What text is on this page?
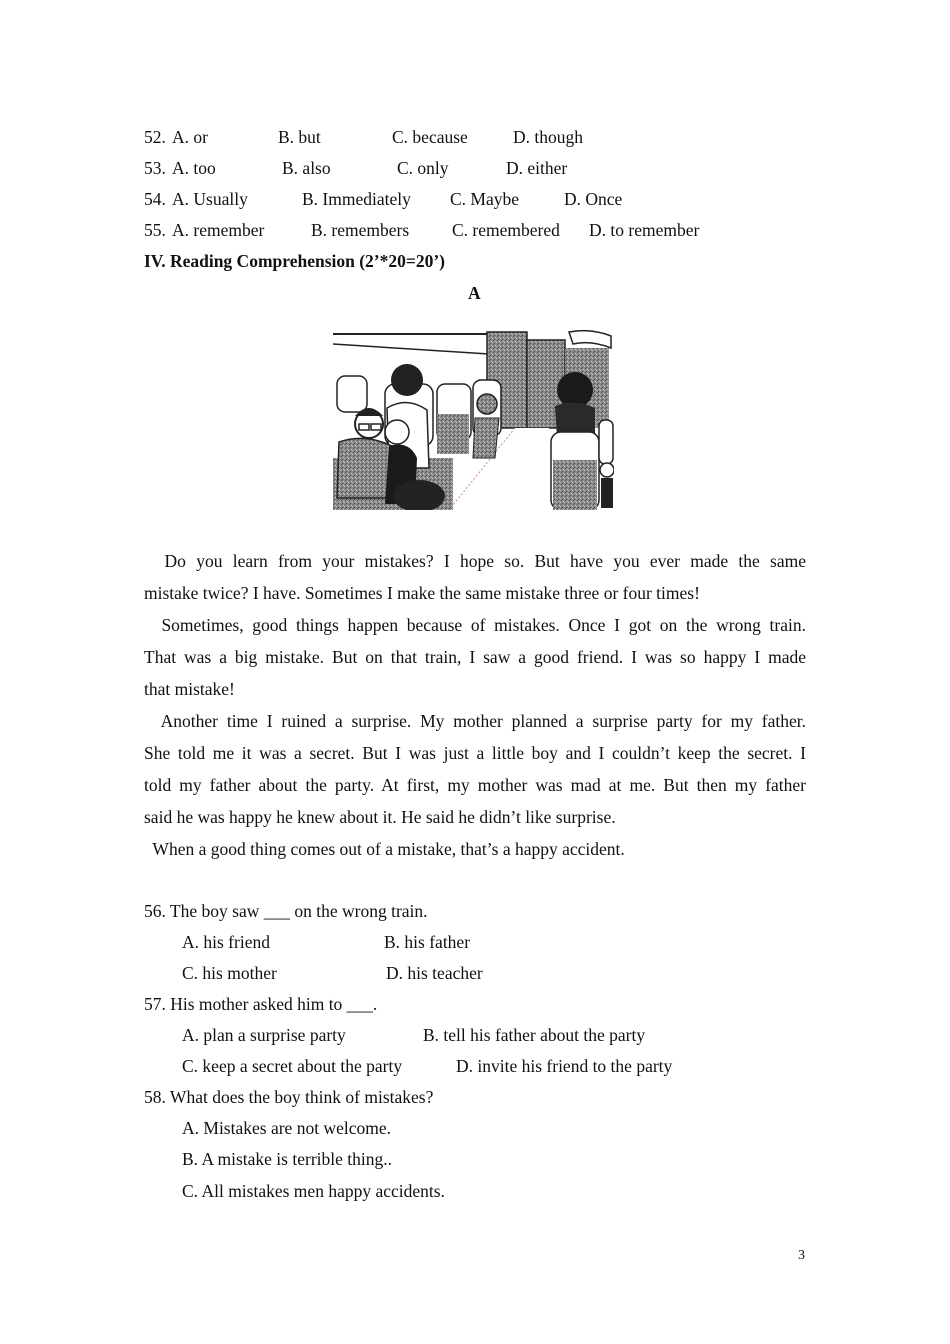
52. A. or	B. but	C. because	D. though
53. A. too	B. also	C. only	D. either
54. A. Usually	B. Immediately C. Maybe	D. Once
55. A. remember	B. remembers C. remembered D. to remember
IV. Reading Comprehension (2’*20=20’)
A
Do you learn from your mistakes? I hope so. But have you ever made the same
mistake twice? I have. Sometimes I make the same mistake three or four times!
Sometimes, good things happen because of mistakes. Once I got on the wrong train.
That was a big mistake. But on that train, I saw a good friend. I was so happy I made
that mistake!
Another time I ruined a surprise. My mother planned a surprise party for my father.
She told me it was a secret. But I was just a little boy and I couldn’t keep the secret. I
told my father about the party. At first, my mother was mad at me. But then my father
said he was happy he knew about it. He said he didn’t like surprise.
When a good thing comes out of a mistake, that’s a happy accident.
56. The boy saw ___ on the wrong train.
A. his friend	B. his father
C. his mother	D. his teacher
57. His mother asked him to ___.
A. plan a surprise party	B. tell his father about the party
C. keep a secret about the party	D. invite his friend to the party
58. What does the boy think of mistakes?
A. Mistakes are not welcome.
B. A mistake is terrible thing..
C. All mistakes men happy accidents.
3
